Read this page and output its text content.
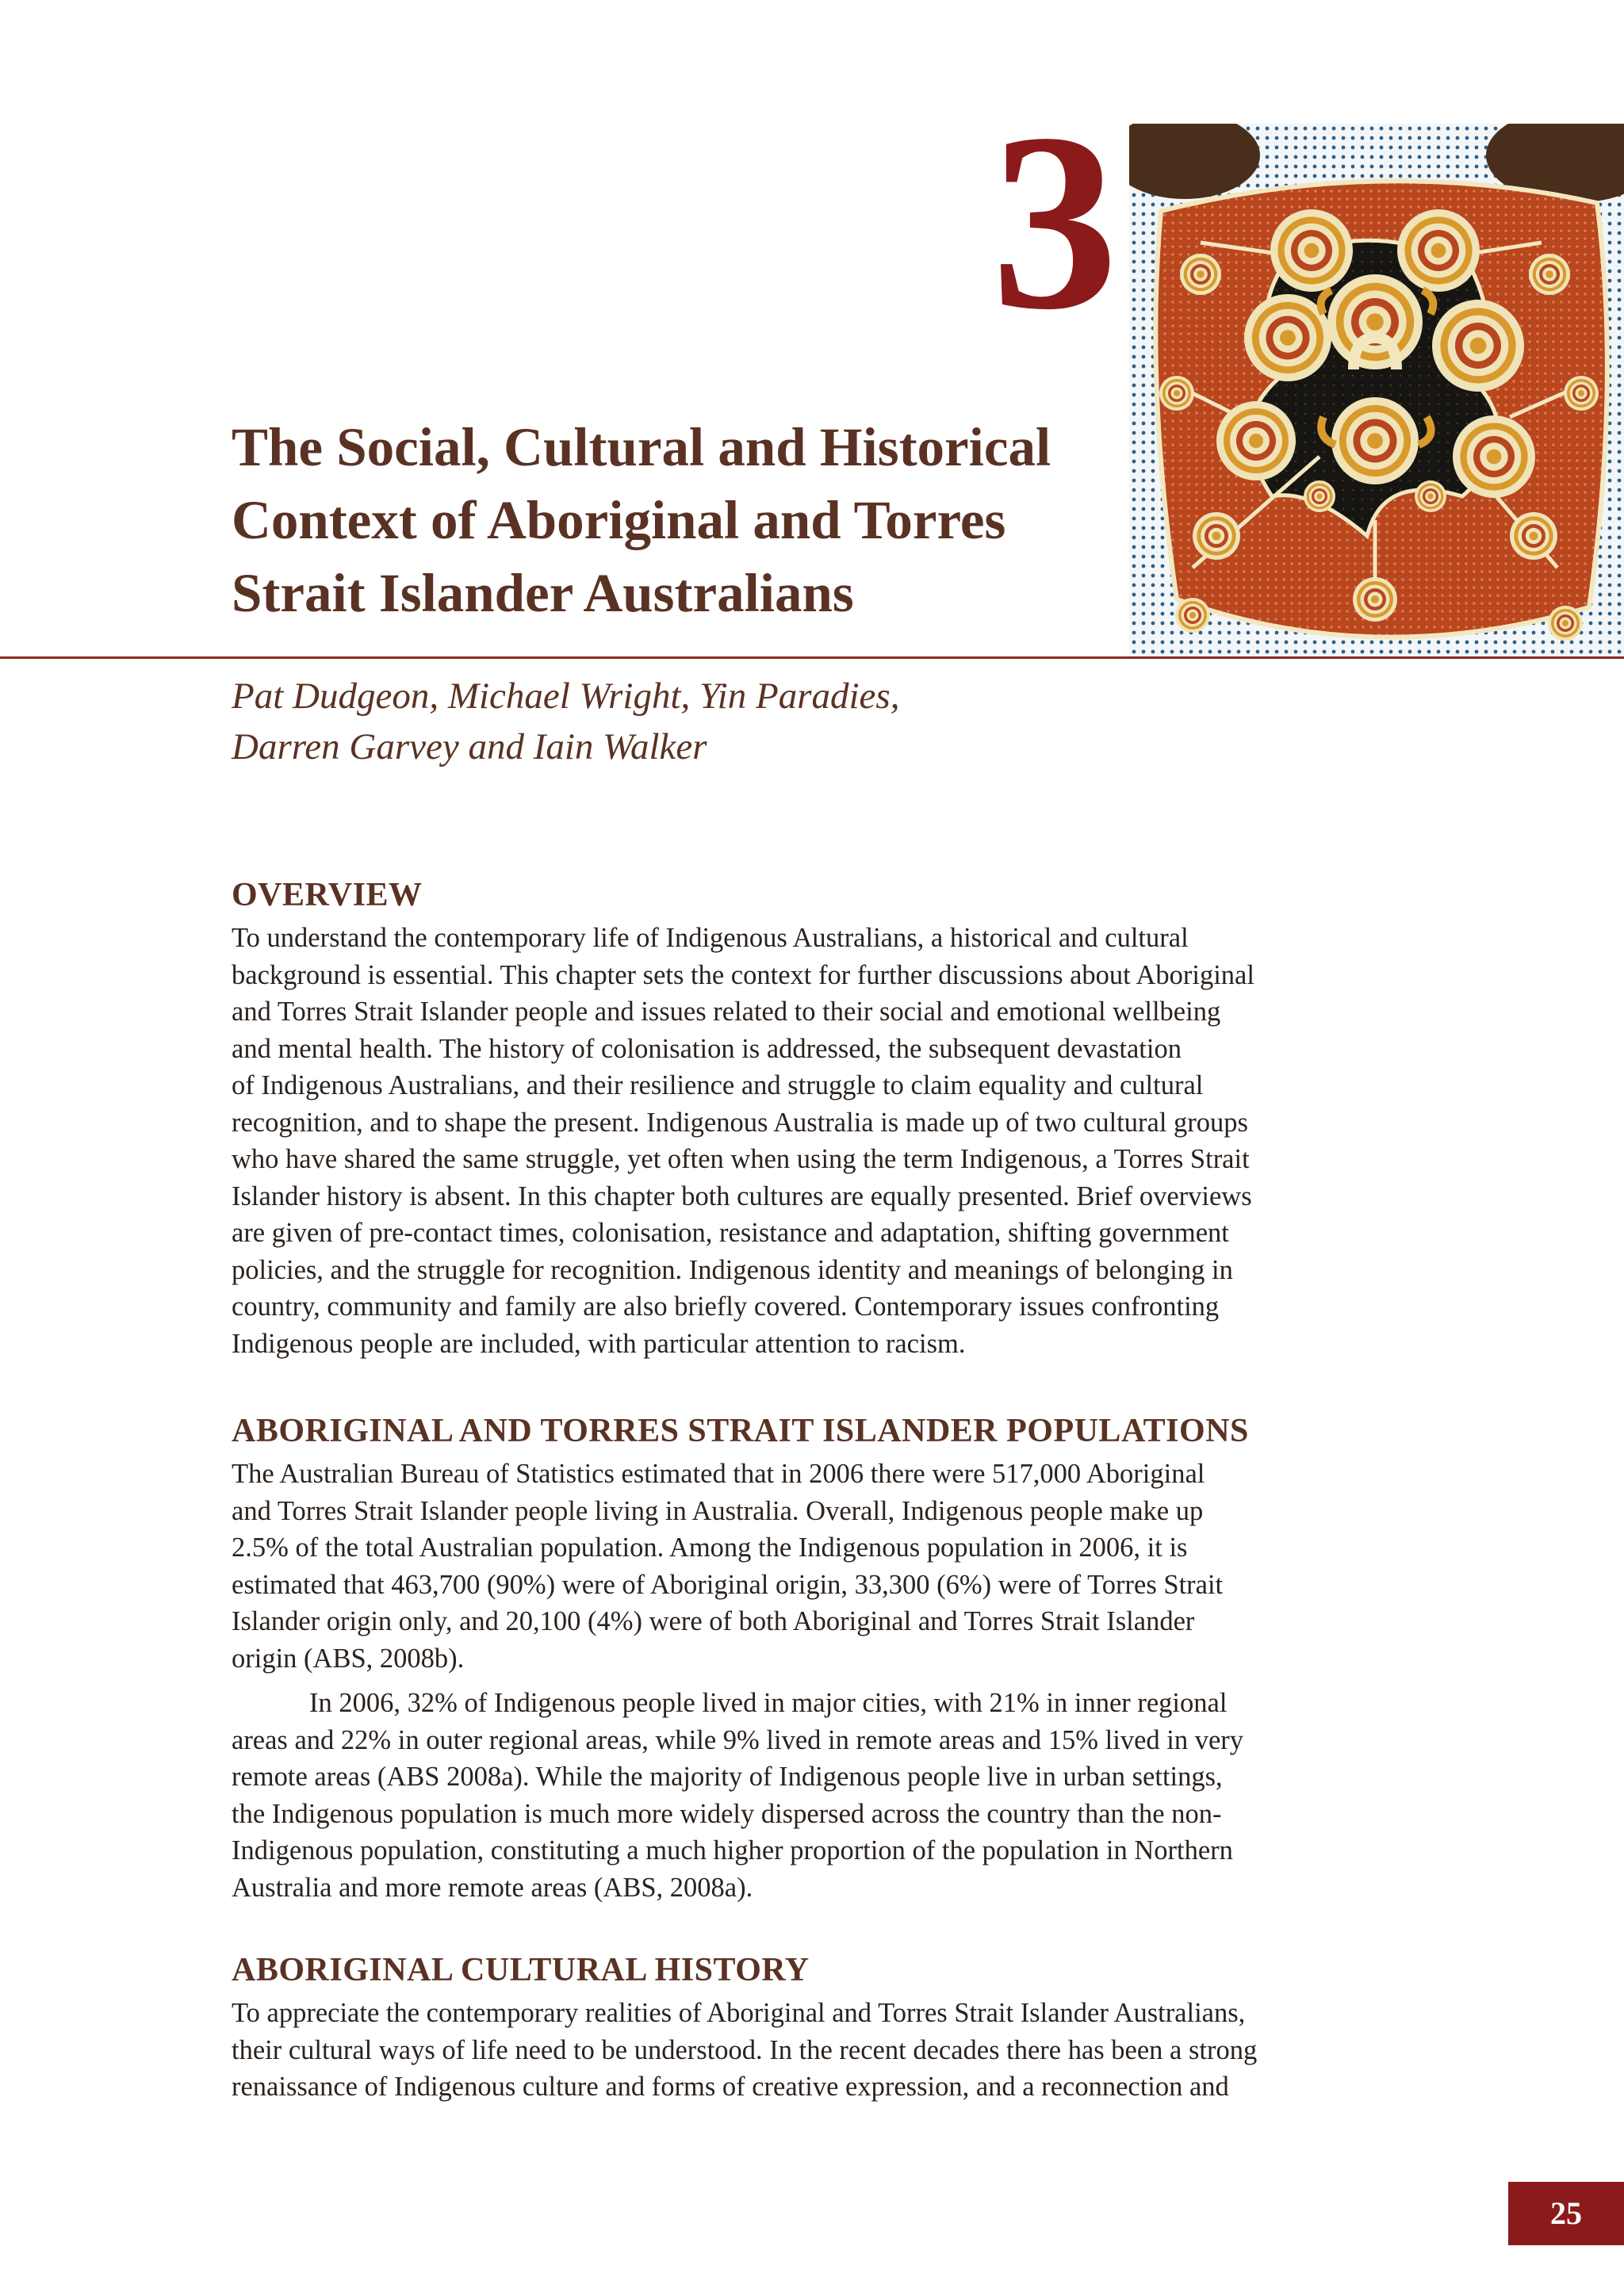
3
The Social, Cultural and Historical
Context of Aboriginal and Torres
Strait Islander Australians
Pat Dudgeon, Michael Wright, Yin Paradies,
Darren Garvey and Iain Walker
OVERVIEW

To understand the contemporary life of Indigenous Australians, a historical and cultural
background is essential. This chapter sets the context for further discussions about Aboriginal
and Torres Strait Islander people and issues related to their social and emotional wellbeing
and mental health. The history of colonisation is addressed, the subsequent devastation
of Indigenous Australians, and their resilience and struggle to claim equality and cultural
recognition, and to shape the present. Indigenous Australia is made up of two cultural groups
who have shared the same struggle, yet often when using the term Indigenous, a Torres Strait
Islander history is absent. In this chapter both cultures are equally presented. Brief overviews
are given of pre-contact times, colonisation, resistance and adaptation, shifting government
policies, and the struggle for recognition. Indigenous identity and meanings of belonging in
country, community and family are also briefly covered. Contemporary issues confronting
Indigenous people are included, with particular attention to racism.

ABORIGINAL AND TORRES STRAIT ISLANDER POPULATIONS

The Australian Bureau of Statistics estimated that in 2006 there were 517,000 Aboriginal
and Torres Strait Islander people living in Australia. Overall, Indigenous people make up
2.5% of the total Australian population. Among the Indigenous population in 2006, it is
estimated that 463,700 (90%) were of Aboriginal origin, 33,300 (6%) were of Torres Strait
Islander origin only, and 20,100 (4%) were of both Aboriginal and Torres Strait Islander
origin (ABS, 2008b).

In 2006, 32% of Indigenous people lived in major cities, with 21% in inner regional
areas and 22% in outer regional areas, while 9% lived in remote areas and 15% lived in very
remote areas (ABS 2008a). While the majority of Indigenous people live in urban settings,
the Indigenous population is much more widely dispersed across the country than the non-
Indigenous population, constituting a much higher proportion of the population in Northern
Australia and more remote areas (ABS, 2008a).

ABORIGINAL CULTURAL HISTORY

To appreciate the contemporary realities of Aboriginal and Torres Strait Islander Australians,
their cultural ways of life need to be understood. In the recent decades there has been a strong
renaissance of Indigenous culture and forms of creative expression, and a reconnection and

25
